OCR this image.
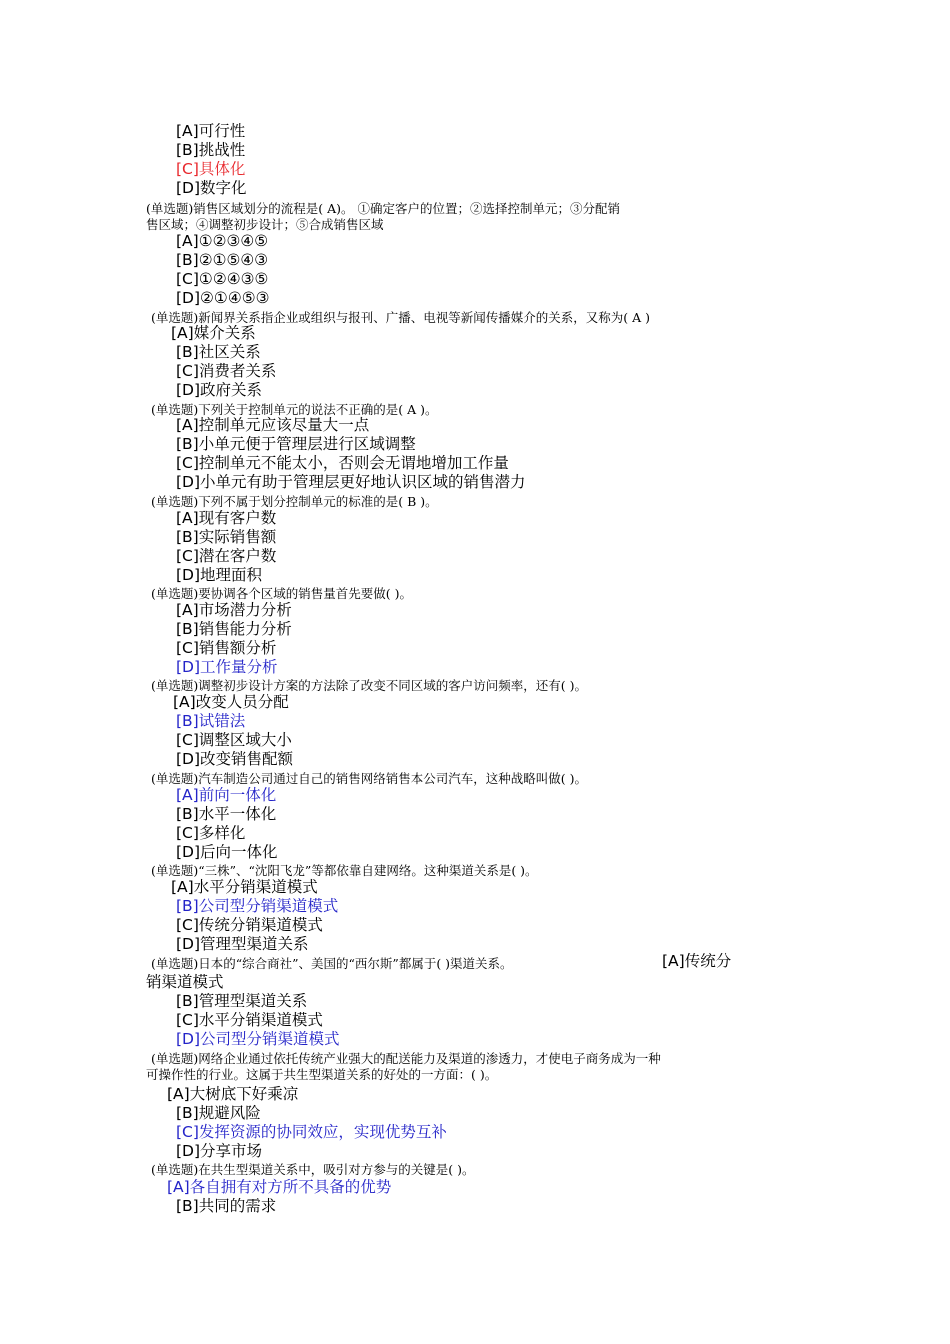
[A]可行性
[B]挑战性
[C]具体化
[D]数字化
(单选题)销售区域划分的流程是( A)。 ①确定客户的位置；②选择控制单元；③分配销
售区域；④调整初步设计；⑤合成销售区域
[A]①②③④⑤
[B]②①⑤④③
[C]①②④③⑤
[D]②①④⑤③
(单选题)新闻界关系指企业或组织与报刊、广播、电视等新闻传播媒介的关系，又称为( A )
[A]媒介关系
[B]社区关系
[C]消费者关系
[D]政府关系
(单选题)下列关于控制单元的说法不正确的是( A )。
[A]控制单元应该尽量大一点
[B]小单元便于管理层进行区域调整
[C]控制单元不能太小，否则会无谓地增加工作量
[D]小单元有助于管理层更好地认识区域的销售潜力
(单选题)下列不属于划分控制单元的标准的是( B )。
[A]现有客户数
[B]实际销售额
[C]潜在客户数
[D]地理面积
(单选题)要协调各个区域的销售量首先要做( )。
[A]市场潜力分析
[B]销售能力分析
[C]销售额分析
[D]工作量分析
(单选题)调整初步设计方案的方法除了改变不同区域的客户访问频率，还有( )。
[A]改变人员分配
[B]试错法
[C]调整区域大小
[D]改变销售配额
(单选题)汽车制造公司通过自己的销售网络销售本公司汽车，这种战略叫做( )。
[A]前向一体化
[B]水平一体化
[C]多样化
[D]后向一体化
(单选题)“三株”、“沈阳飞龙”等都依靠自建网络。这种渠道关系是( )。
[A]水平分销渠道模式
[B]公司型分销渠道模式
[C]传统分销渠道模式
[D]管理型渠道关系
(单选题)日本的“综合商社”、美国的“西尔斯”都属于( )渠道关系。	[A]传统分
销渠道模式
[B]管理型渠道关系
[C]水平分销渠道模式
[D]公司型分销渠道模式
(单选题)网络企业通过依托传统产业强大的配送能力及渠道的渗透力，才使电子商务成为一种
可操作性的行业。这属于共生型渠道关系的好处的一方面：( )。
[A]大树底下好乘凉
[B]规避风险
[C]发挥资源的协同效应，实现优势互补
[D]分享市场
(单选题)在共生型渠道关系中，吸引对方参与的关键是( )。
[A]各自拥有对方所不具备的优势
[B]共同的需求
